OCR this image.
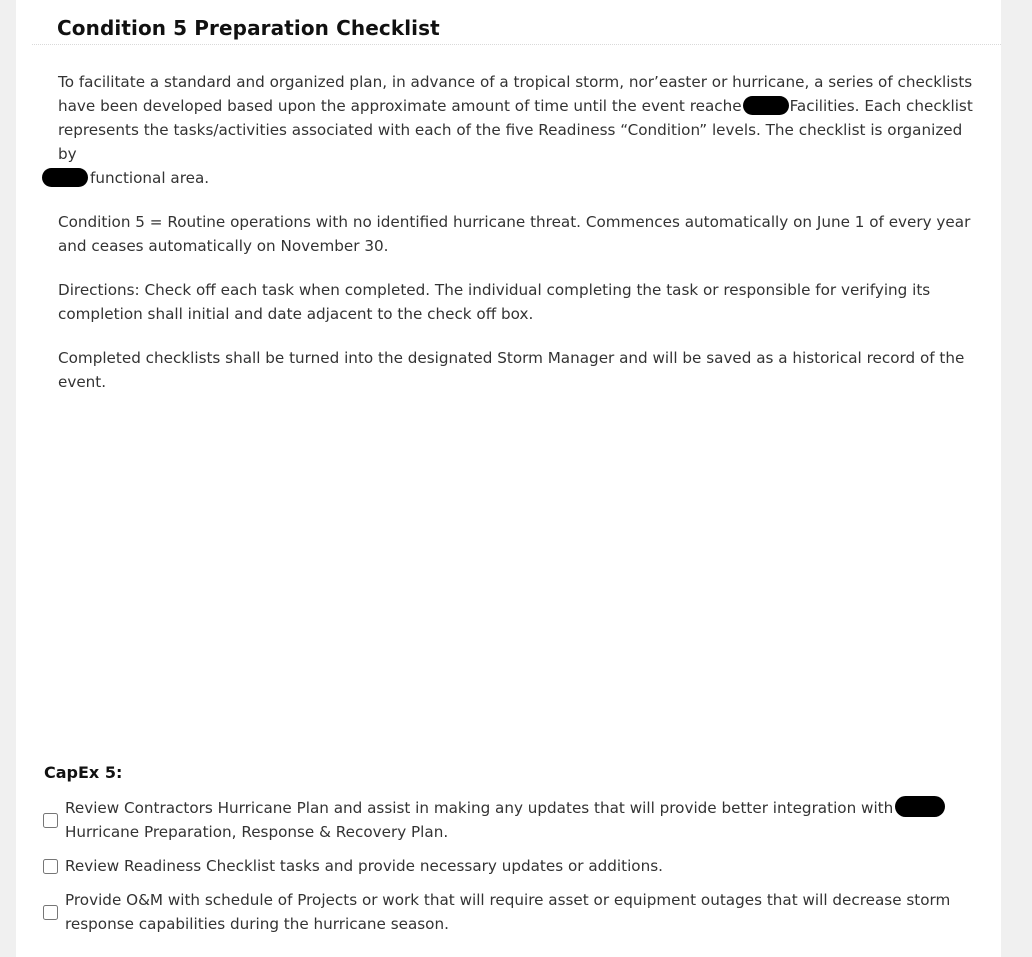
Condition 5 Preparation Checklist

To facilitate a standard and organized plan, in advance of a tropical storm, nor’easter or hurricane, a series of checklists have been developed based upon the approximate amount of time until the event reache	Facilities. Each checklist represents the tasks/activities associated with each of the five Readiness “Condition” levels. The checklist is organized by
functional area.

Condition 5 = Routine operations with no identified hurricane threat. Commences automatically on June 1 of every year and ceases automatically on November 30.

Directions: Check off each task when completed. The individual completing the task or responsible for verifying its completion shall initial and date adjacent to the check off box.

Completed checklists shall be turned into the designated Storm Manager and will be saved as a historical record of the event.

CapEx 5:
Review Contractors Hurricane Plan and assist in making any updates that will provide better integration with
Hurricane Preparation, Response & Recovery Plan.
Review Readiness Checklist tasks and provide necessary updates or additions.
Provide O&M with schedule of Projects or work that will require asset or equipment outages that will decrease storm response capabilities during the hurricane season.
